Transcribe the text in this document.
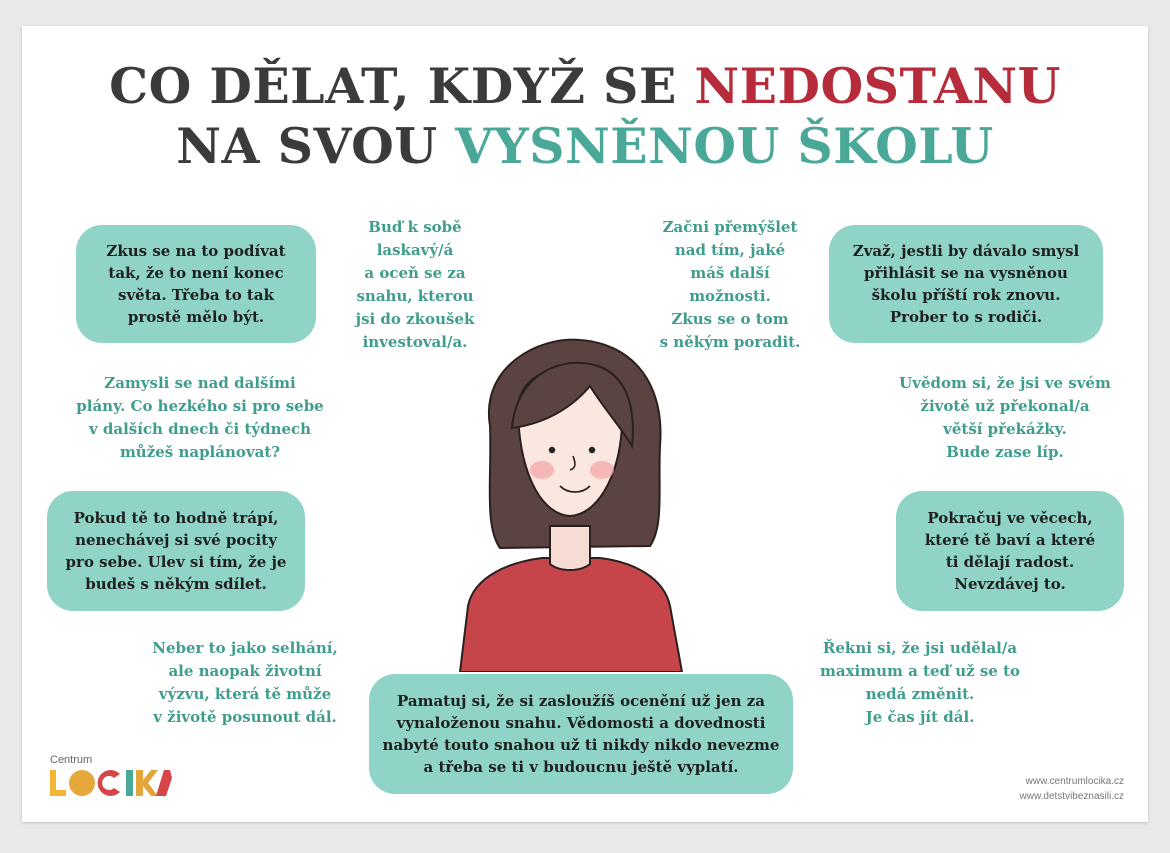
CO DĚLAT, KDYŽ SE NEDOSTANU
NA SVOU VYSNĚNOU ŠKOLU
Zkus se na to podívat
tak, že to není konec
světa. Třeba to tak
prostě mělo být.
Zvaž, jestli by dávalo smysl
přihlásit se na vysněnou
školu příští rok znovu.
Prober to s rodiči.
Pokud tě to hodně trápí,
nenechávej si své pocity
pro sebe. Ulev si tím, že je
budeš s někým sdílet.
Pokračuj ve věcech,
které tě baví a které
ti dělají radost.
Nevzdávej to.
Pamatuj si, že si zasloužíš ocenění už jen za
vynaloženou snahu. Vědomosti a dovednosti
nabyté touto snahou už ti nikdy nikdo nevezme
a třeba se ti v budoucnu ještě vyplatí.
Buď k sobě
laskavý/á
a oceň se za
snahu, kterou
jsi do zkoušek
investoval/a.
Začni přemýšlet
nad tím, jaké
máš další
možnosti.
Zkus se o tom
s někým poradit.
Zamysli se nad dalšími
plány. Co hezkého si pro sebe
v dalších dnech či týdnech
můžeš naplánovat?
Uvědom si, že jsi ve svém
životě už překonal/a
větší překážky.
Bude zase líp.
Neber to jako selhání,
ale naopak životní
výzvu, která tě může
v životě posunout dál.
Řekni si, že jsi udělal/a
maximum a teď už se to
nedá změnit.
Je čas jít dál.
Centrum
www.centrumlocika.cz
www.detstvibeznasili.cz
